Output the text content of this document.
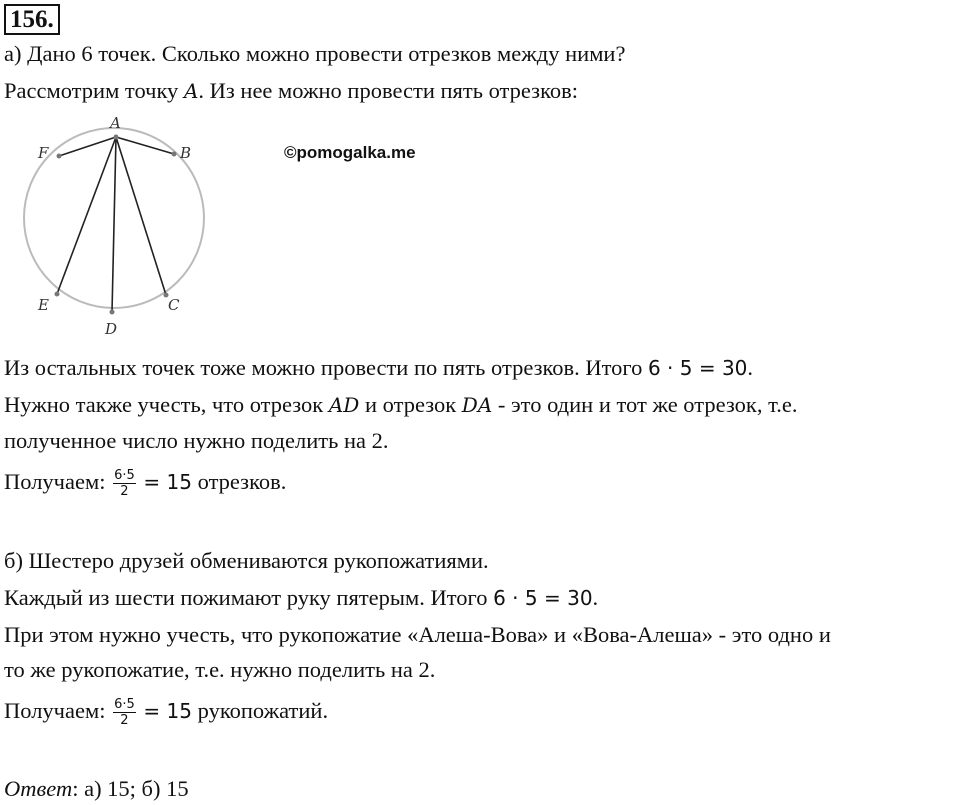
156.
а) Дано 6 точек. Сколько можно провести отрезков между ними?
Рассмотрим точку A. Из нее можно провести пять отрезков:
A
B
C
D
E
F	©pomogalka.me
Из остальных точек тоже можно провести по пять отрезков. Итого 6 · 5 = 30.
Нужно также учесть, что отрезок AD и отрезок DA - это один и тот же отрезок, т.е.
полученное число нужно поделить на 2.
Получаем: $\frac{6\cdot 5}{2} = 15$ отрезков.
б) Шестеро друзей обмениваются рукопожатиями.
Каждый из шести пожимают руку пятерым. Итого 6 · 5 = 30.
При этом нужно учесть, что рукопожатие «Алеша-Вова» и «Вова-Алеша» - это одно и
то же рукопожатие, т.е. нужно поделить на 2.
Получаем: $\frac{6\cdot 5}{2} = 15$ рукопожатий.
Ответ: а) 15; б) 15
